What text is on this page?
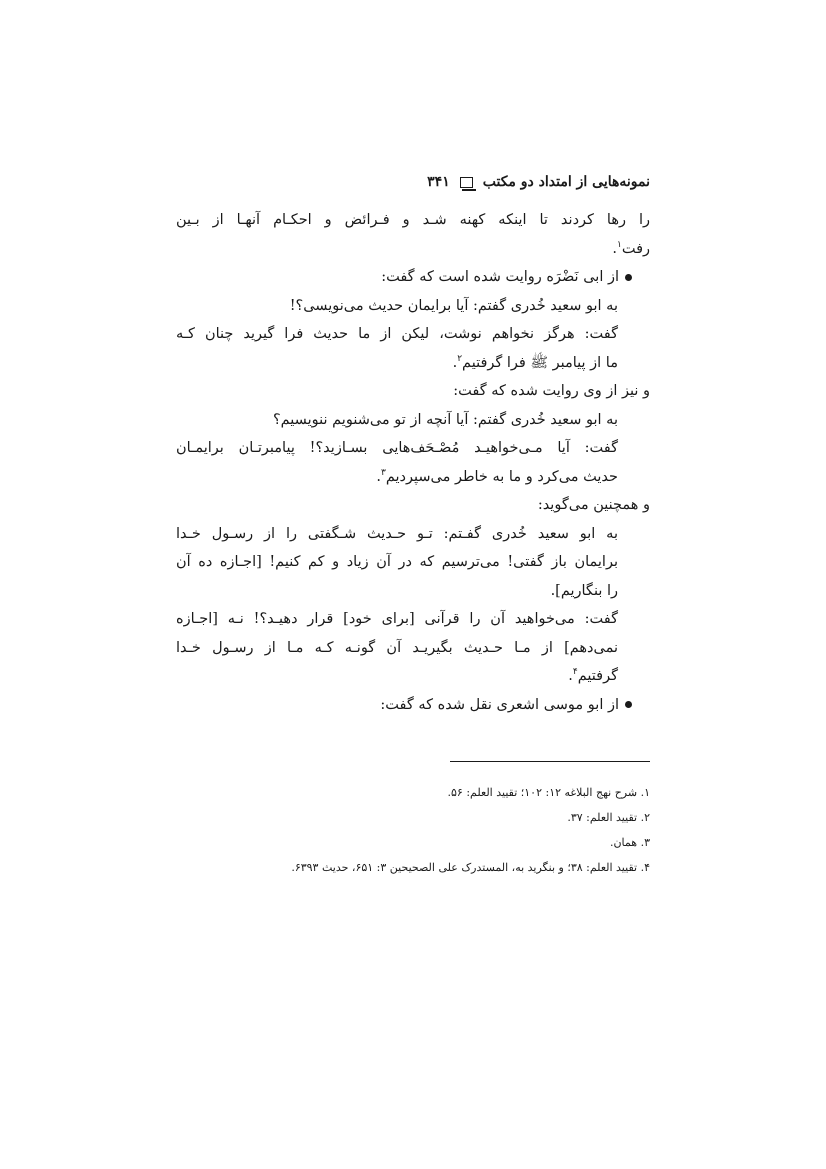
نمونه‌هایی از امتداد دو مکتب
۳۴۱
را رها کردند تا اینکه کهنه شـد و فـرائض و احکـام آنهـا از بـین
رفت$^۱$.
از ابی نَضْرَه روایت شده است که گفت:
به ابو سعید خُدری گفتم: آیا برایمان حدیث می‌نویسی؟!
گفت: هرگز نخواهم نوشت، لیکن از ما حدیث فرا گیرید چنان کـه
ما از پیامبر ﷺ فرا گرفتیم$^۲$.
و نیز از وی روایت شده که گفت:
به ابو سعید خُدری گفتم: آیا آنچه از تو می‌شنویم ننویسیم؟
گفت: آیا مـی‌خواهیـد مُصْـحَف‌هایی بسـازید؟! پیامبرتـان برایمـان
حدیث می‌کرد و ما به خاطر می‌سپردیم$^۳$.
و همچنین می‌گوید:
به ابو سعید خُدری گفـتم: تـو حـدیث شـگفتی را از رسـول خـدا
برایمان باز گفتی! می‌ترسیم که در آن زیاد و کم کنیم! [اجـازه ده آن
را بنگاریم].
گفت: می‌خواهید آن را قرآنی [برای خود] قرار دهیـد؟! نـه [اجـازه
نمی‌دهم] از مـا حـدیث بگیریـد آن گونـه کـه مـا از رسـول خـدا
گرفتیم$^۴$.
از ابو موسی اشعری نقل شده که گفت:
۱. شرح نهج البلاغه ۱۲: ۱۰۲؛ تقیید العلم: ۵۶.
۲. تقیید العلم: ۳۷.
۳. همان.
۴. تقیید العلم: ۳۸؛ و بنگرید به، المستدرک علی الصحیحین ۳: ۶۵۱، حدیث ۶۳۹۳.
